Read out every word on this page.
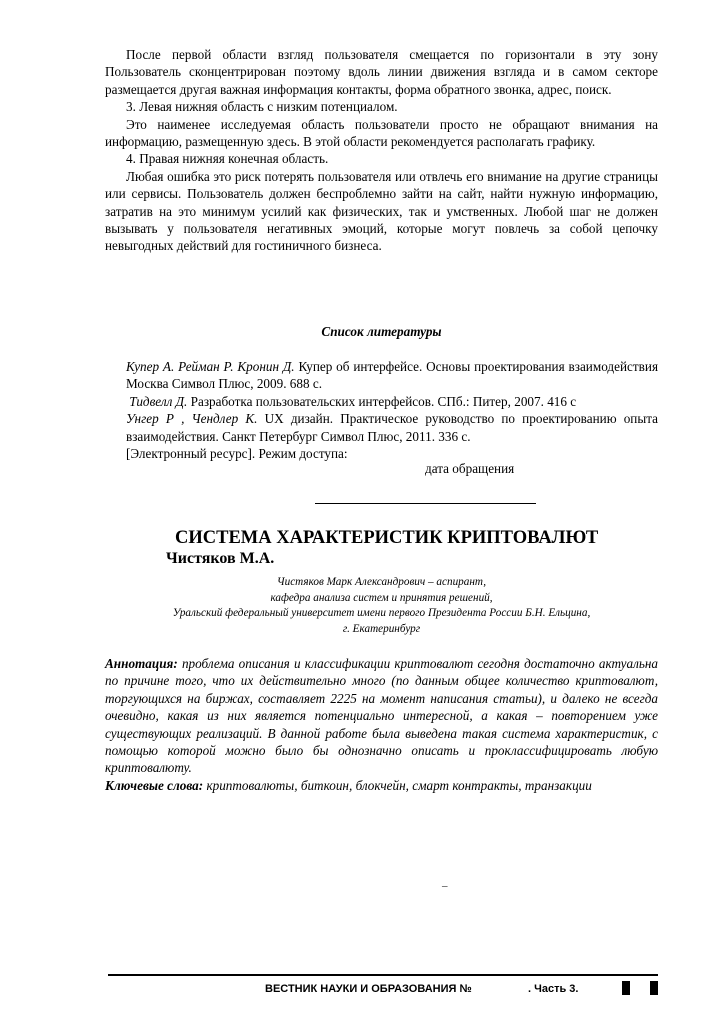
После первой области взгляд пользователя смещается по горизонтали в эту зону Пользователь сконцентрирован поэтому вдоль линии движения взгляда и в самом секторе размещается другая важная информация контакты, форма обратного звонка, адрес, поиск.

3. Левая нижняя область с низким потенциалом.

Это наименее исследуемая область пользователи просто не обращают внимания на информацию, размещенную здесь. В этой области рекомендуется располагать графику.

4. Правая нижняя конечная область.

Любая ошибка это риск потерять пользователя или отвлечь его внимание на другие страницы или сервисы. Пользователь должен беспроблемно зайти на сайт, найти нужную информацию, затратив на это минимум усилий как физических, так и умственных. Любой шаг не должен вызывать у пользователя негативных эмоций, которые могут повлечь за собой цепочку невыгодных действий для гостиничного бизнеса.

Список литературы

Купер А. Рейман Р. Кронин Д. Купер об интерфейсе. Основы проектирования взаимодействия Москва Символ Плюс, 2009. 688 с.

Тидвелл Д. Разработка пользовательских интерфейсов. СПб.: Питер, 2007. 416 с

Унгер Р , Чендлер К. UX дизайн. Практическое руководство по проектированию опыта взаимодействия. Санкт Петербург Символ Плюс, 2011. 336 с.

[Электронный ресурс]. Режим доступа:

дата обращения
СИСТЕМА ХАРАКТЕРИСТИК КРИПТОВАЛЮТ
Чистяков М.А.
Чистяков Марк Александрович – аспирант,
кафедра анализа систем и принятия решений,
Уральский федеральный университет имени первого Президента России Б.Н. Ельцина,
г. Екатеринбург

Аннотация: проблема описания и классификации криптовалют сегодня достаточно актуальна по причине того, что их действительно много (по данным общее количество криптовалют, торгующихся на биржах, составляет 2225 на момент написания статьи), и далеко не всегда очевидно, какая из них является потенциально интересной, а какая – повторением уже существующих реализаций. В данной работе была выведена такая система характеристик, с помощью которой можно было бы однозначно описать и проклассифицировать любую криптовалюту.

Ключевые слова: криптовалюты, биткоин, блокчейн, смарт контракты, транзакции

–
ВЕСТНИК НАУКИ И ОБРАЗОВАНИЯ №	. Часть 3.
